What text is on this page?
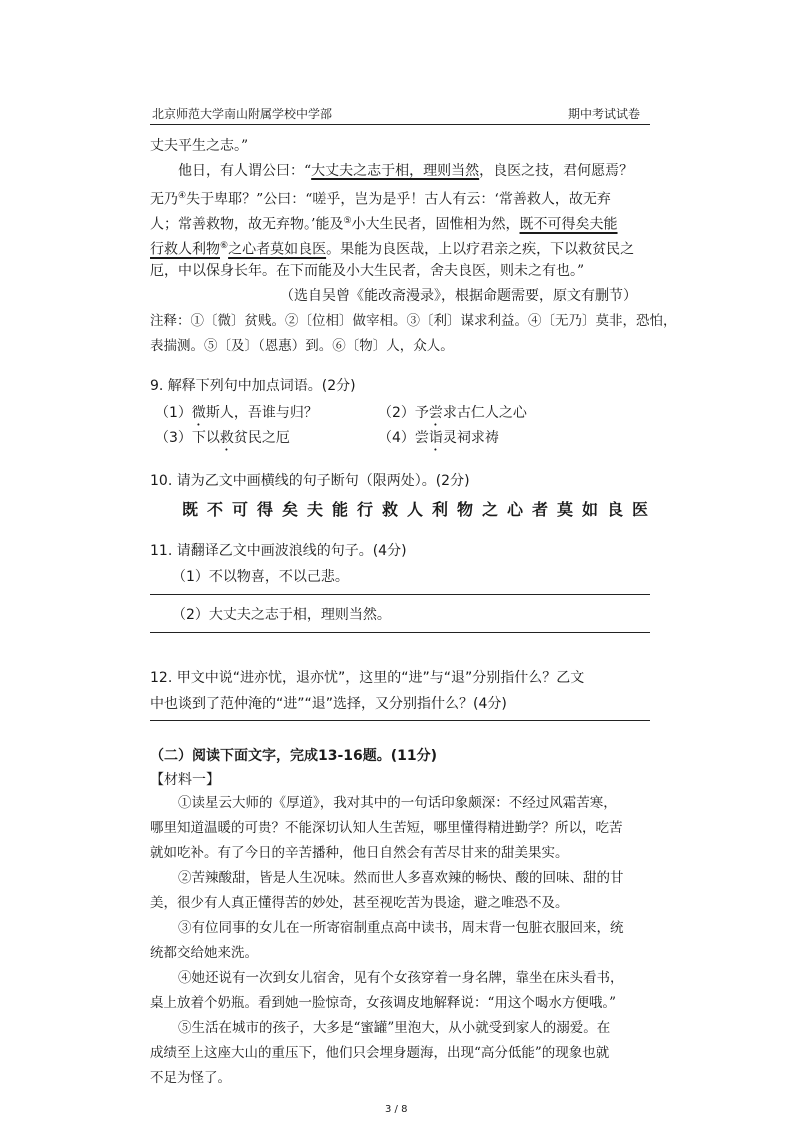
北京师范大学南山附属学校中学部	期中考试试卷
丈夫平生之志。”
他日，有人谓公曰：“大丈夫之志于相，理则当然，良医之技，君何愿焉？
无乃④失于卑耶？”公曰：“嗟乎，岂为是乎！古人有云：‘常善救人，故无弃
人；常善救物，故无弃物。’能及⑤小大生民者，固惟相为然，既不可得矣夫能
行救人利物⑥之心者莫如良医。果能为良医哉，上以疗君亲之疾，下以救贫民之
厄，中以保身长年。在下而能及小大生民者，舍夫良医，则未之有也。”
（选自吴曾《能改斋漫录》，根据命题需要，原文有删节）
注释：①〔微〕贫贱。②〔位相〕做宰相。③〔利〕谋求利益。④〔无乃〕莫非，恐怕，
表揣测。⑤〔及〕（恩惠）到。⑥〔物〕人，众人。
9. 解释下列句中加点词语。(2分)
（1）微斯人，吾谁与归？	（2）予尝求古仁人之心
（3）下以救贫民之厄	（4）尝诣灵祠求祷
10. 请为乙文中画横线的句子断句（限两处）。(2分)
既不可得矣夫能行救人利物之心者莫如良医
11. 请翻译乙文中画波浪线的句子。(4分)
（1）不以物喜，不以己悲。
（2）大丈夫之志于相，理则当然。
12. 甲文中说“进亦忧，退亦忧”，这里的“进”与“退”分别指什么？乙文
中也谈到了范仲淹的“进”“退”选择，又分别指什么？(4分)
（二）阅读下面文字，完成13-16题。(11分)
【材料一】
①读星云大师的《厚道》，我对其中的一句话印象颇深：不经过风霜苦寒，
哪里知道温暖的可贵？不能深切认知人生苦短，哪里懂得精进勤学？所以，吃苦
就如吃补。有了今日的辛苦播种，他日自然会有苦尽甘来的甜美果实。
②苦辣酸甜，皆是人生况味。然而世人多喜欢辣的畅快、酸的回味、甜的甘
美，很少有人真正懂得苦的妙处，甚至视吃苦为畏途，避之唯恐不及。
③有位同事的女儿在一所寄宿制重点高中读书，周末背一包脏衣服回来，统
统都交给她来洗。
④她还说有一次到女儿宿舍，见有个女孩穿着一身名牌，靠坐在床头看书，
桌上放着个奶瓶。看到她一脸惊奇，女孩调皮地解释说：“用这个喝水方便哦。”
⑤生活在城市的孩子，大多是“蜜罐”里泡大，从小就受到家人的溺爱。在
成绩至上这座大山的重压下，他们只会埋身题海，出现“高分低能”的现象也就
不足为怪了。
3 / 8
